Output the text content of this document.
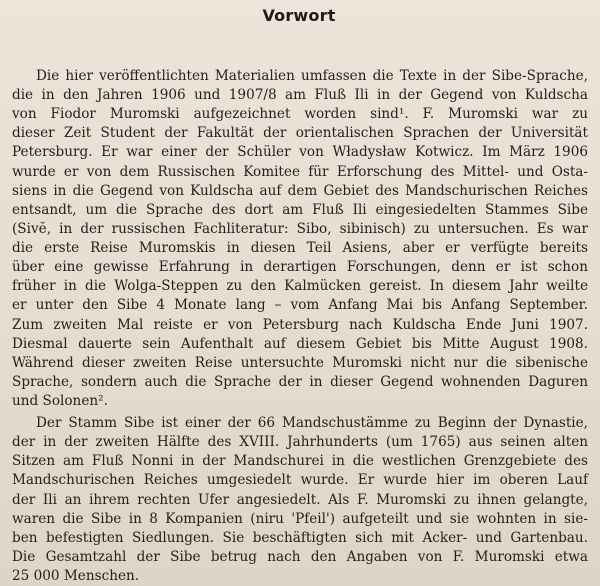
Vorwort
Die hier veröffentlichten Materialien umfassen die Texte in der Sibe-Sprache,
die in den Jahren 1906 und 1907/8 am Fluß Ili in der Gegend von Kuldscha
von Fiodor Muromski aufgezeichnet worden sind¹. F. Muromski war zu
dieser Zeit Student der Fakultät der orientalischen Sprachen der Universität
Petersburg. Er war einer der Schüler von Władysław Kotwicz. Im März 1906
wurde er von dem Russischen Komitee für Erforschung des Mittel- und Osta-
siens in die Gegend von Kuldscha auf dem Gebiet des Mandschurischen Reiches
entsandt, um die Sprache des dort am Fluß Ili eingesiedelten Stammes Sibe
(Sivĕ, in der russischen Fachliteratur: Sibo, sibinisch) zu untersuchen. Es war
die erste Reise Muromskis in diesen Teil Asiens, aber er verfügte bereits
über eine gewisse Erfahrung in derartigen Forschungen, denn er ist schon
früher in die Wolga-Steppen zu den Kalmücken gereist. In diesem Jahr weilte
er unter den Sibe 4 Monate lang – vom Anfang Mai bis Anfang September.
Zum zweiten Mal reiste er von Petersburg nach Kuldscha Ende Juni 1907.
Diesmal dauerte sein Aufenthalt auf diesem Gebiet bis Mitte August 1908.
Während dieser zweiten Reise untersuchte Muromski nicht nur die sibenische
Sprache, sondern auch die Sprache der in dieser Gegend wohnenden Daguren
und Solonen².
Der Stamm Sibe ist einer der 66 Mandschustämme zu Beginn der Dynastie,
der in der zweiten Hälfte des XVIII. Jahrhunderts (um 1765) aus seinen alten
Sitzen am Fluß Nonni in der Mandschurei in die westlichen Grenzgebiete des
Mandschurischen Reiches umgesiedelt wurde. Er wurde hier im oberen Lauf
der Ili an ihrem rechten Ufer angesiedelt. Als F. Muromski zu ihnen gelangte,
waren die Sibe in 8 Kompanien (niru 'Pfeil') aufgeteilt und sie wohnten in sie-
ben befestigten Siedlungen. Sie beschäftigten sich mit Acker- und Gartenbau.
Die Gesamtzahl der Sibe betrug nach den Angaben von F. Muromski etwa
25 000 Menschen.
